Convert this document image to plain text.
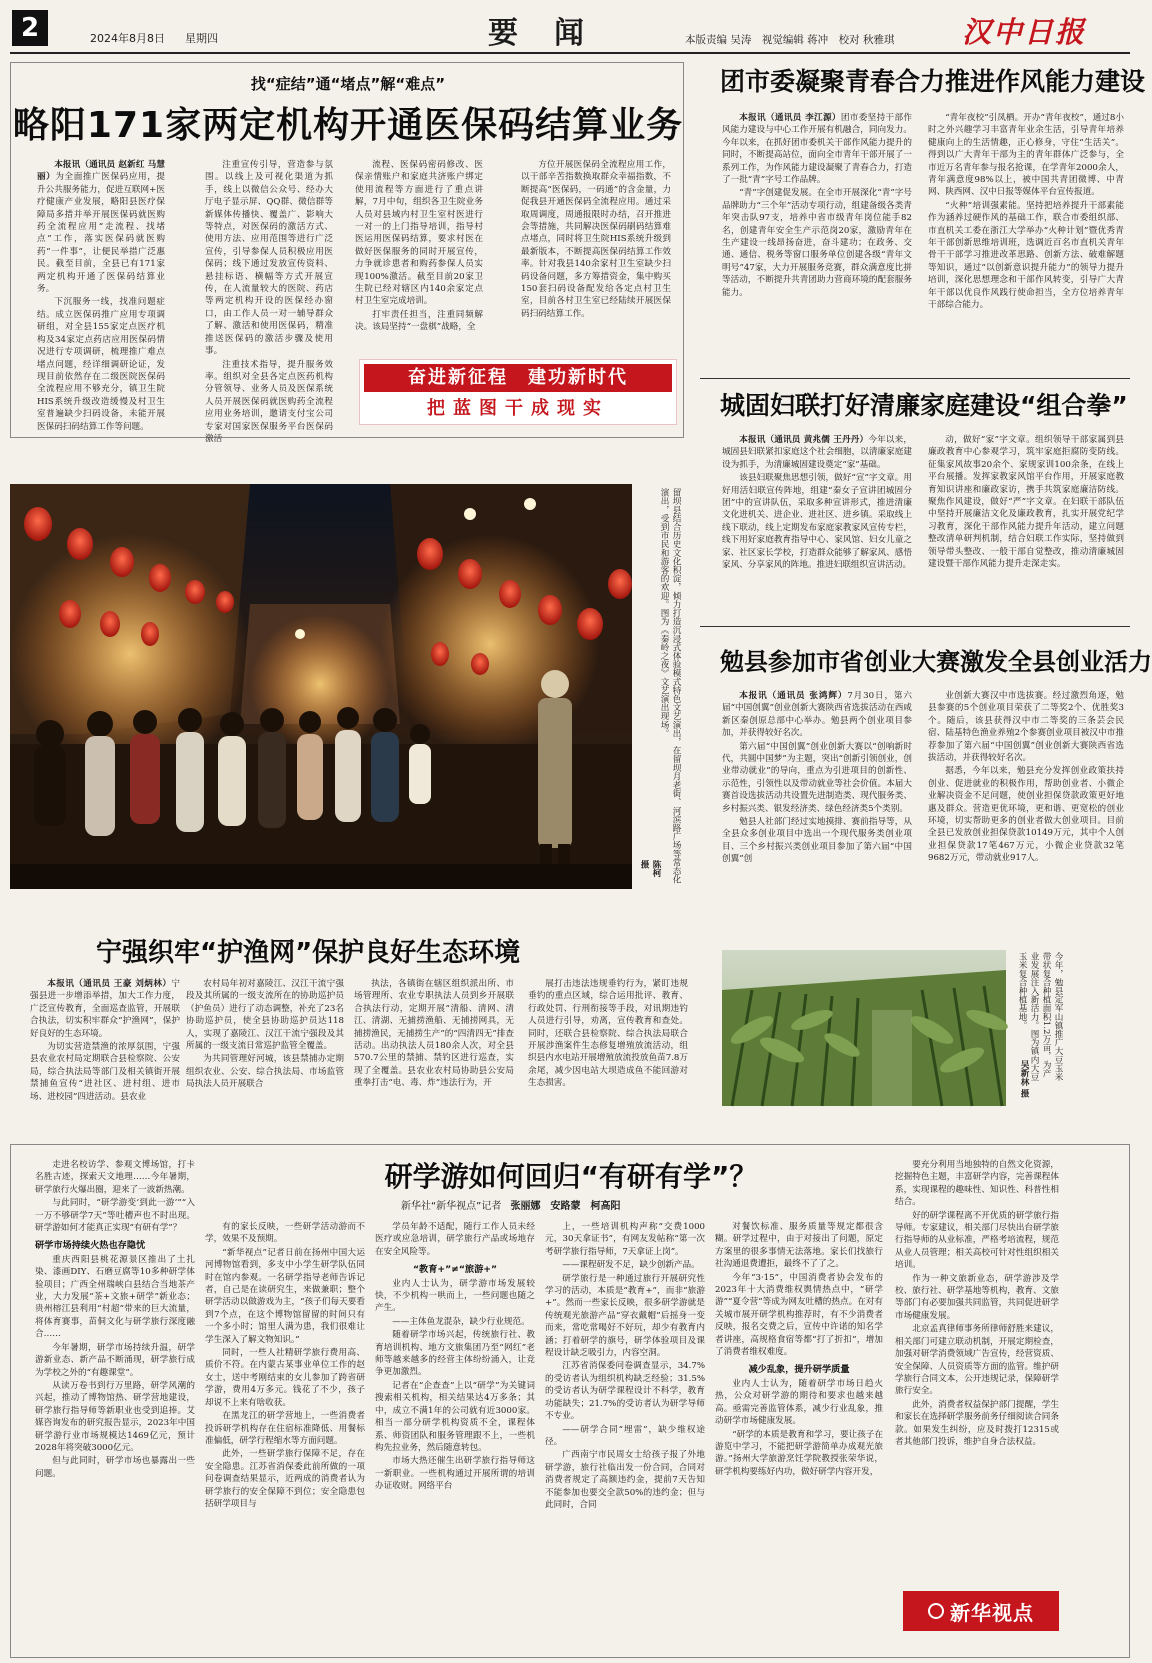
2	2024年8月8日 星期四	要闻	本版责编 吴涛　视觉编辑 蒋冲　校对 秋雅琪 汉中日报
找“症结”通“堵点”解“难点”
略阳171家两定机构开通医保码结算业务

本报讯（通讯员 赵新红 马慧丽）为全面推广医保码应用，提升公共服务能力，促进互联网+医疗健康产业发展，略阳县医疗保障局多措并举开展医保码就医购药全流程应用“走流程、找堵点”工作，落实医保码就医购药“一件事”，让便民举措广泛惠民。截至目前，全县已有171家两定机构开通了医保码结算业务。

下沉服务一线，找准问题症结。成立医保码推广应用专项调研组，对全县155家定点医疗机构及34家定点药店应用医保码情况进行专项调研，梳理推广难点堵点问题，经详细调研论证，发现目前依然存在二级医院医保码全流程应用不够充分，镇卫生院HIS系统升级改造缓慢及村卫生室普遍缺少扫码设备，未能开展医保码扫码结算工作等问题。

注重宣传引导，营造参与氛围。以线上及可视化渠道为抓手，线上以微信公众号、经办大厅电子显示屏、QQ群、微信群等新媒体传播快、覆盖广、影响大等特点，对医保码的激活方式、使用方法、应用范围等进行广泛宣传，引导参保人员积极应用医保码；线下通过发放宣传资料、悬挂标语、横幅等方式开展宣传，在人流量较大的医院、药店等两定机构开设的医保经办窗口，由工作人员一对一辅导群众了解、激活和使用医保码，精准推送医保码的激活步骤及使用事。

注重技术指导，提升服务效率。组织对全县各定点医药机构分管领导、业务人员及医保系统人员开展医保码就医购药全流程应用业务培训，邀请支付宝公司专家对国家医保服务平台医保码激活

流程、医保码密码修改、医保亲情账户和家庭共济账户绑定使用流程等方面进行了重点讲解，7月中旬，组织各卫生院业务人员对县域内村卫生室村医进行一对一的上门指导培训，指导村医运用医保码结算，要求村医在做好医保服务的同时开展宣传，力争就诊患者和购药参保人员实现100%激活。截至目前20家卫生院已经对辖区内140余家定点村卫生室完成培训。

打牢责任担当，注重同频解决。该局坚持“一盘棋”战略，全

方位开展医保码全流程应用工作，以干部辛苦指数换取群众幸福指数，不断提高“医保码，一码通”的含金量，力促我县开通医保码全流程应用。通过采取周调度，周通报限时办结，召开推进会等措施，共同解决医保码刷码结算难点堵点，同时将卫生院HIS系统升级到最新版本，不断提高医保码结算工作效率。针对我县140余家村卫生室缺少扫码设备问题，多方筹措资金，集中购买150套扫码设备配发给各定点村卫生室，目前各村卫生室已经陆续开展医保码扫码结算工作。

奋进新征程　建功新时代
把蓝图干成现实
团市委凝聚青春合力推进作风能力建设

本报讯（通讯员 李江源）团市委坚持干部作风能力建设与中心工作开展有机融合，同向发力。今年以来，在抓好团市委机关干部作风能力提升的同时，不断提高站位，面向全市青年干部开展了一系列工作，为作风能力建设凝聚了青春合力，打造了一批“青”字号工作品牌。

“青”字创建促发展。在全市开展深化“青”字号品牌助力“三个年”活动专项行动，组建备级各类青年突击队97支，培养中省市级青年岗位能手82名，创建青年安全生产示范岗20家，激励青年在生产建设一线昂扬奋进，奋斗建功；在政务、交通、通信、税务等窗口服务单位创建各级“青年文明号”47家，大力开展服务竞赛，群众满意度比拼等活动，不断提升共青团助力营商环境的配套服务能力。

“青年夜校”引凤栖。开办“青年夜校”，通过8小时之外兴趣学习丰富青年业余生活，引导青年培养健康向上的生活情趣，正心修身，守住“生活关”。得到以广大青年干部为主的青年群体广泛参与，全市近万名青年参与报名抢课，在学青年2000余人，青年满意度98%以上，被中国共青团微博、中青网、陕西网、汉中日报等媒体平台宣传报道。

“火种”培训强素能。坚持把培养提升干部素能作为涵养过硬作风的基础工作，联合市委组织部、市直机关工委在浙江大学举办“火种计划”暨优秀青年干部创新思维培训班，选调近百名市直机关青年骨干干部学习推进改革思路、创新方法、破难解题等知识，通过“以创新意识提升能力”的领导力提升培训，深化思想理念和干部作风转变，引导广大青年干部以优良作风践行使命担当，全方位培养青年干部综合能力。

城固妇联打好清廉家庭建设“组合拳”

本报讯（通讯员 黄兆儒 王丹丹）今年以来，城固县妇联紧扣家庭这个社会细胞，以清廉家庭建设为抓手，为清廉城固建设奠定“家”基础。

该县妇联聚焦思想引领，做好“宣”字文章。用好用活妇联宣传阵地，组建“秦女子宣讲团城固分团”中的宣讲队伍，采取多种宣讲形式，推进清廉文化进机关、进企业、进社区、进乡镇。采取线上线下联动，线上定期发布家庭家教家风宣传专栏，线下用好家庭教育指导中心、家风馆、妇女儿童之家、社区家长学校，打造群众能够了解家风、感悟家风、分享家风的阵地。推进妇联组织宣讲活动。

动，做好“家”字文章。组织领导干部家属到县廉政教育中心参观学习，筑牢家庭拒腐防变防线。征集家风故事20余个、家规家训100余条，在线上平台展播。发挥家教家风馆平台作用，开展家庭教育知识讲座和廉政家访，携手共筑家庭廉洁防线。聚焦作风建设，做好“严”字文章。在妇联干部队伍中坚持开展廉洁文化及廉政教育，扎实开展党纪学习教育，深化干部作风能力提升年活动，建立问题整改清单研判机制，结合妇联工作实际，坚持做到领导带头整改、一般干部自觉整改，推动清廉城固建设暨干部作风能力提升走深走实。

勉县参加市省创业大赛激发全县创业活力

本报讯（通讯员 张鸿辉）7月30日，第六届“中国创翼”创业创新大赛陕西省选拔活动在西咸新区秦创原总部中心举办。勉县两个创业项目参加，并获得较好名次。

第六届“中国创翼”创业创新大赛以“创响新时代，共圆中国梦”为主题，突出“创新引领创业，创业带动就业”的导向，重点为引进项目的创新性、示范性，引领性以及带动就业等社会价值。本届大赛首设选拔活动共设置先进制造类、现代服务类、乡村振兴类、银发经济类、绿色经济类5个类别。

勉县人社部门经过实地摸排、赛前指导等，从全县众多创业项目中选出一个现代服务类创业项目、三个乡村振兴类创业项目参加了第六届“中国创翼”创

业创新大赛汉中市选拔赛。经过激烈角逐，勉县参赛的5个创业项目荣获了二等奖2个、优胜奖3个。随后，该县获得汉中市二等奖的三条芸会民宿、陆基特色渔业养殖2个参赛创业项目被汉中市推荐参加了第六届“中国创翼”创业创新大赛陕西省选拔活动，并获得较好名次。

据悉，今年以来，勉县充分发挥创业政策扶持创业、促进就业的积极作用，帮助创业者、小微企业解决资金不足问题，使创业担保贷款政策更好地惠及群众。营造更优环境，更和谐、更宽松的创业环境，切实帮助更多的创业者做大创业项目。目前全县已发放创业担保贷款10149万元，其中个人创业担保贷款17笔467万元，小微企业贷款32笔9682万元，带动就业917人。

留坝县结合历史文化积淀，倾力打造沉浸式体验模式特色文艺演出，在留坝月老街、河滨路广场等常态化演出，受到市民和游客的欢迎。图为《秦岭之夜》文艺演出现场。
陈柯 摄
宁强织牢“护渔网”保护良好生态环境

本报讯（通讯员 王豪 刘炳林）宁强县进一步增添举措，加大工作力度，广泛宣传教育，全面巡查监管，开展联合执法，切实积牢群众“护渔网”，保护好良好的生态环境。

为切实营造禁渔的浓厚氛围，宁强县农业农村局定期联合县检察院、公安局，综合执法局等部门及相关镇街开展禁捕鱼宣传“进社区、进村组、进市场、进校园”四进活动。县农业

农村局年初对嘉陵江、汉江干流宁强段及其所属的一级支流所在的协助巡护员（护鱼员）进行了动态调整，补充了23名协助巡护员，使全县协助巡护员达118人，实现了嘉陵江、汉江干流宁强段及其所属的一级支流日常巡护监管全覆盖。

为共同管理好河城，该县禁捕办定期组织农业、公安、综合执法局、市场监管局执法人员开展联合

执法，各镇街在辖区组织派出所、市场管理所、农业专职执法人员到乡开展联合执法行动，定期开展“清船、清网、清江、清湖、无捕捞渔船、无捕捞网具，无捕捞渔民，无捕捞生产”的“四清四无”排查活动。出动执法人员180余人次，对全县570.7公里的禁捕、禁钓区进行巡查，实现了全覆盖。县农业农村局协助县公安局重拳打击“电、毒、炸”违法行为，开

展打击违法违规垂钓行为，紧盯违规垂钓的重点区域，综合运用批评、教育、行政处罚、行刑衔接等手段，对讯期违钓人员进行引导，劝离，宣传教育和查处。同时，还联合县检察院、综合执法局联合开展涉渔案件生态修复增殖放流活动，组织县内水电站开展增殖放流投放鱼苗7.8万余尾，减少因电站大坝造成鱼不能回游对生态损害。

今年，勉县定军山镇推广大豆玉米带状复合种植面积1.2万亩，为产业发展注入新活力。图为镇内大豆玉米复合种植基地。
吴新林 摄
研学游如何回归“有研有学”？
新华社“新华视点”记者 张丽娜　安路蒙　柯高阳

走进名校访学、参观文博场馆，打卡名胜古迹，探索天文地理……今年暑期，研学旅行火爆出圈，迎来了一波新热潮。

与此同时，“研学游变‘到此一游’”“入一万不够研学7天”等吐槽声也不时出现。研学游如何才能真正实现“有研有学”？

研学市场持续火热也存隐忧

重庆西阳县桃花源景区推出了土扎染、漆画DIY、石磨豆腐等10多种研学体验项目；广西全州瑞峡白县结合当地茶产业，大力发展“茶+文旅+研学”新业态；贵州榕江县利用“村超”带来的巨大流量，将体育赛事，苗侗文化与研学旅行深度融合……

今年暑期，研学市场持续升温，研学游新业态、新产品不断涌现，研学旅行成为学校之外的“有趣课堂”。

从读万卷书到行万里路，研学风潮的兴起，推动了博物馆热、研学营地建设，研学旅行指导师等新职业也受到追捧。艾媒咨询发布的研究报告显示，2023年中国研学游行业市场规模达1469亿元，预计2028年将突破3000亿元。

但与此同时，研学市场也暴露出一些问题。

有的家长反映，一些研学活动游而不学，效果不及预期。

“新华视点”记者日前在扬州中国大运河博物馆看到，多支中小学生研学队伍同时在馆内参观。一名研学指导老师告诉记者，自己是在读研究生，来做兼职；整个研学活动以做游戏为主，“孩子们每天要看到7个点，在这个博物馆留留的时间只有一个多小时；馆里人满为患，我们很难让学生深入了解文物知识。”

同时，一些人社精研学旅行费用高、质价不符。在内蒙古某事业单位工作的赵女士，送中考刚结束的女儿参加了跨省研学游，费用4万多元。钱花了不少，孩子却说不上来有啥收获。

在黑龙江的研学营地上，一些消费者投诉研学机构存在住宿标准降低、用餐标准偏低，研学行程缩水等方面问题。

此外，一些研学旅行保障不足，存在安全隐患。江苏省消保委此前所做的一项问卷调查结果显示，近两成的消费者认为研学旅行的安全保障不到位；安全隐患包括研学项目与

学员年龄不适配，随行工作人员未经医疗或应急培训，研学旅行产品或场地存在安全风险等。

“教育+”≠“旅游+”

业内人士认为，研学游市场发展较快，不少机构一哄而上，一些问题也随之产生。

——主体鱼龙混杂，缺少行业规范。

随着研学市场兴起，传统旅行社、教育培训机构、地方文旅集团乃至“网红”老师等越来越多的经营主体纷纷涌入，让竞争更加激烈。

记者在“企查查”上以“研学”为关键词搜索相关机构，相关结果达4万多条；其中，成立不满1年的公司就有近3000家。相当一部分研学机构资质不全，课程体系、师资团队和服务管理跟不上，一些机构先拉业务，然后随意转包。

市场大热还催生出研学旅行指导师这一新职业。一些机构通过开展所谓的培训办证收财。网络平台

上，一些培训机构声称“交费1000元，30天拿证书”，有网友发帖称“第一次考研学旅行指导师，7天拿证上岗”。

——课程研发不足，缺少创新产品。

研学旅行是一种通过旅行开展研究性学习的活动，本质是“教育+”，而非“旅游+”。然而一些家长反映，很多研学游就是传统观光旅游产品“穿衣戴帽”后摇身一变而来，常吃常喝好不好玩，却少有教育内涵；打着研学的旗号，研学体验项目及课程设计缺乏吸引力，内容空洞。

江苏省消保委问卷调查显示，34.7%的受访者认为组织机构缺乏经验；31.5%的受访者认为研学课程设计不科学，教育功能缺失；21.7%的受访者认为研学导师不专业。

——研学合同“埋雷”，缺少维权途径。

广西南宁市民周女士给孩子报了外地研学游，旅行社临出发一份合同，合同对消费者规定了高额违约金，提前7天告知不能参加也要交全款50%的违约金；但与此同时，合同

对餐饮标准、服务质量等规定都很含糊。研学过程中，由于对接出了问题，原定方案里的很多事情无法落地。家长们找旅行社沟通退费遭拒，最终不了了之。

今年“3·15”，中国消费者协会发布的2023年十大消费维权舆情热点中，“研学游”“夏令营”等成为网友吐槽的热点。在对有关城市展开研学机构推荐时，有不少消费者反映，报名交费之后，宣传中许诺的知名学者讲座，高规格食宿等都“打了折扣”，增加了消费者维权难度。

减少乱象，提升研学质量

业内人士认为，随着研学市场日趋火热，公众对研学游的期待和要求也越来越高。亟需完善监管体系，减少行业乱象，推动研学市场健康发展。

“研学的本质是教育和学习，要让孩子在游览中学习，不能把研学游简单办成观光旅游。”扬州大学旅游烹饪学院教授张荣华说，研学机构要练好内功，做好研学内容开发，

要充分利用当地独特的自然文化资源，挖掘特色主题，丰富研学内容，完善课程体系，实现课程的趣味性、知识性、科普性相结合。

好的研学课程离不开优质的研学旅行指导师。专家建议，相关部门尽快出台研学旅行指导师的从业标准，严格考培流程，规范从业人员管理；相关高校可针对性组织相关培训。

作为一种文旅新业态，研学游涉及学校、旅行社、研学基地等机构，教育、文旅等部门有必要加强共同监管，共同促进研学市场健康发展。

北京孟真律师事务所律师舒胜来建议，相关部门可建立联动机制，开展定期检查，加强对研学消费领域广告宣传，经营资质、安全保障、人员资质等方面的监管。维护研学旅行合同文本，公开违规记录，保障研学旅行安全。

此外，消费者权益保护部门提醒，学生和家长在选择研学服务前务仔细阅读合同条款。如果发生纠纷，应及时拨打12315或者其他部门投诉，维护自身合法权益。

新华视点
